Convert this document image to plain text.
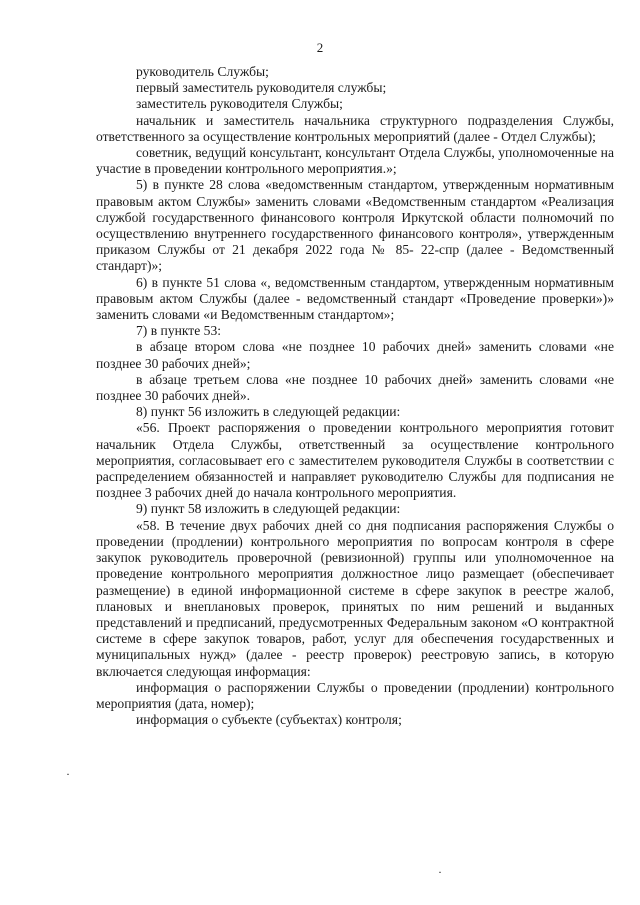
2

руководитель Службы;

первый заместитель руководителя службы;

заместитель руководителя Службы;

начальник и заместитель начальника структурного подразделения Службы, ответственного за осуществление контрольных мероприятий (далее - Отдел Службы);

советник, ведущий консультант, консультант Отдела Службы, уполномоченные на участие в проведении контрольного мероприятия.»;

5) в пункте 28 слова «ведомственным стандартом, утвержденным нормативным правовым актом Службы» заменить словами «Ведомственным стандартом «Реализация службой государственного финансового контроля Иркутской области полномочий по осуществлению внутреннего государственного финансового контроля», утвержденным приказом Службы от 21 декабря 2022 года № 85- 22-спр (далее - Ведомственный стандарт)»;

6) в пункте 51 слова «, ведомственным стандартом, утвержденным нормативным правовым актом Службы (далее - ведомственный стандарт «Проведение проверки»)» заменить словами «и Ведомственным стандартом»;

7) в пункте 53:

в абзаце втором слова «не позднее 10 рабочих дней» заменить словами «не позднее 30 рабочих дней»;

в абзаце третьем слова «не позднее 10 рабочих дней» заменить словами «не позднее 30 рабочих дней».

8) пункт 56 изложить в следующей редакции:

«56. Проект распоряжения о проведении контрольного мероприятия готовит начальник Отдела Службы, ответственный за осуществление контрольного мероприятия, согласовывает его с заместителем руководителя Службы в соответствии с распределением обязанностей и направляет руководителю Службы для подписания не позднее 3 рабочих дней до начала контрольного мероприятия.

9) пункт 58 изложить в следующей редакции:

«58. В течение двух рабочих дней со дня подписания распоряжения Службы о проведении (продлении) контрольного мероприятия по вопросам контроля в сфере закупок руководитель проверочной (ревизионной) группы или уполномоченное на проведение контрольного мероприятия должностное лицо размещает (обеспечивает размещение) в единой информационной системе в сфере закупок в реестре жалоб, плановых и внеплановых проверок, принятых по ним решений и выданных представлений и предписаний, предусмотренных Федеральным законом «О контрактной системе в сфере закупок товаров, работ, услуг для обеспечения государственных и муниципальных нужд» (далее - реестр проверок) реестровую запись, в которую включается следующая информация:

информация о распоряжении Службы о проведении (продлении) контрольного мероприятия (дата, номер);

информация о субъекте (субъектах) контроля;

·
·
